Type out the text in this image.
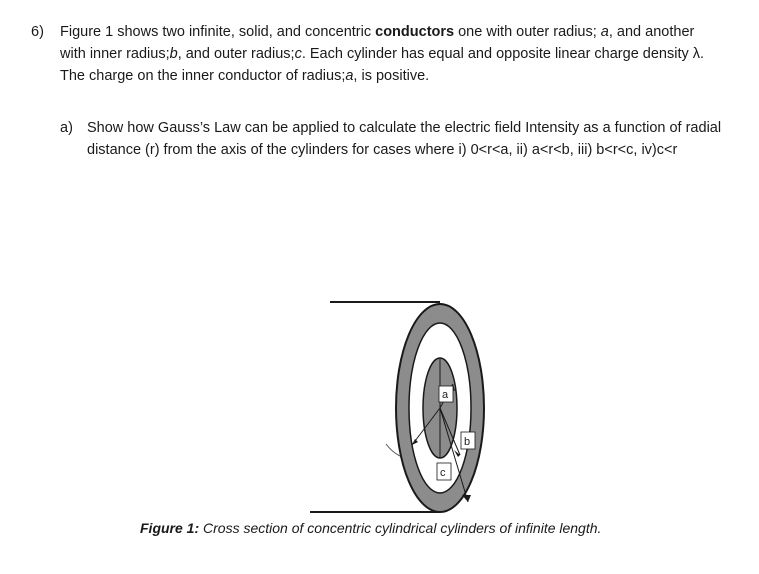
6) Figure 1 shows two infinite, solid, and concentric conductors one with outer radius; a, and another with inner radius;b, and outer radius;c. Each cylinder has equal and opposite linear charge density λ. The charge on the inner conductor of radius;a, is positive.
a) Show how Gauss’s Law can be applied to calculate the electric field Intensity as a function of radial distance (r) from the axis of the cylinders for cases where i) 0<r<a, ii) a<r<b, iii) b<r<c, iv)c<r
a
b
c
Figure 1: Cross section of concentric cylindrical cylinders of infinite length.
